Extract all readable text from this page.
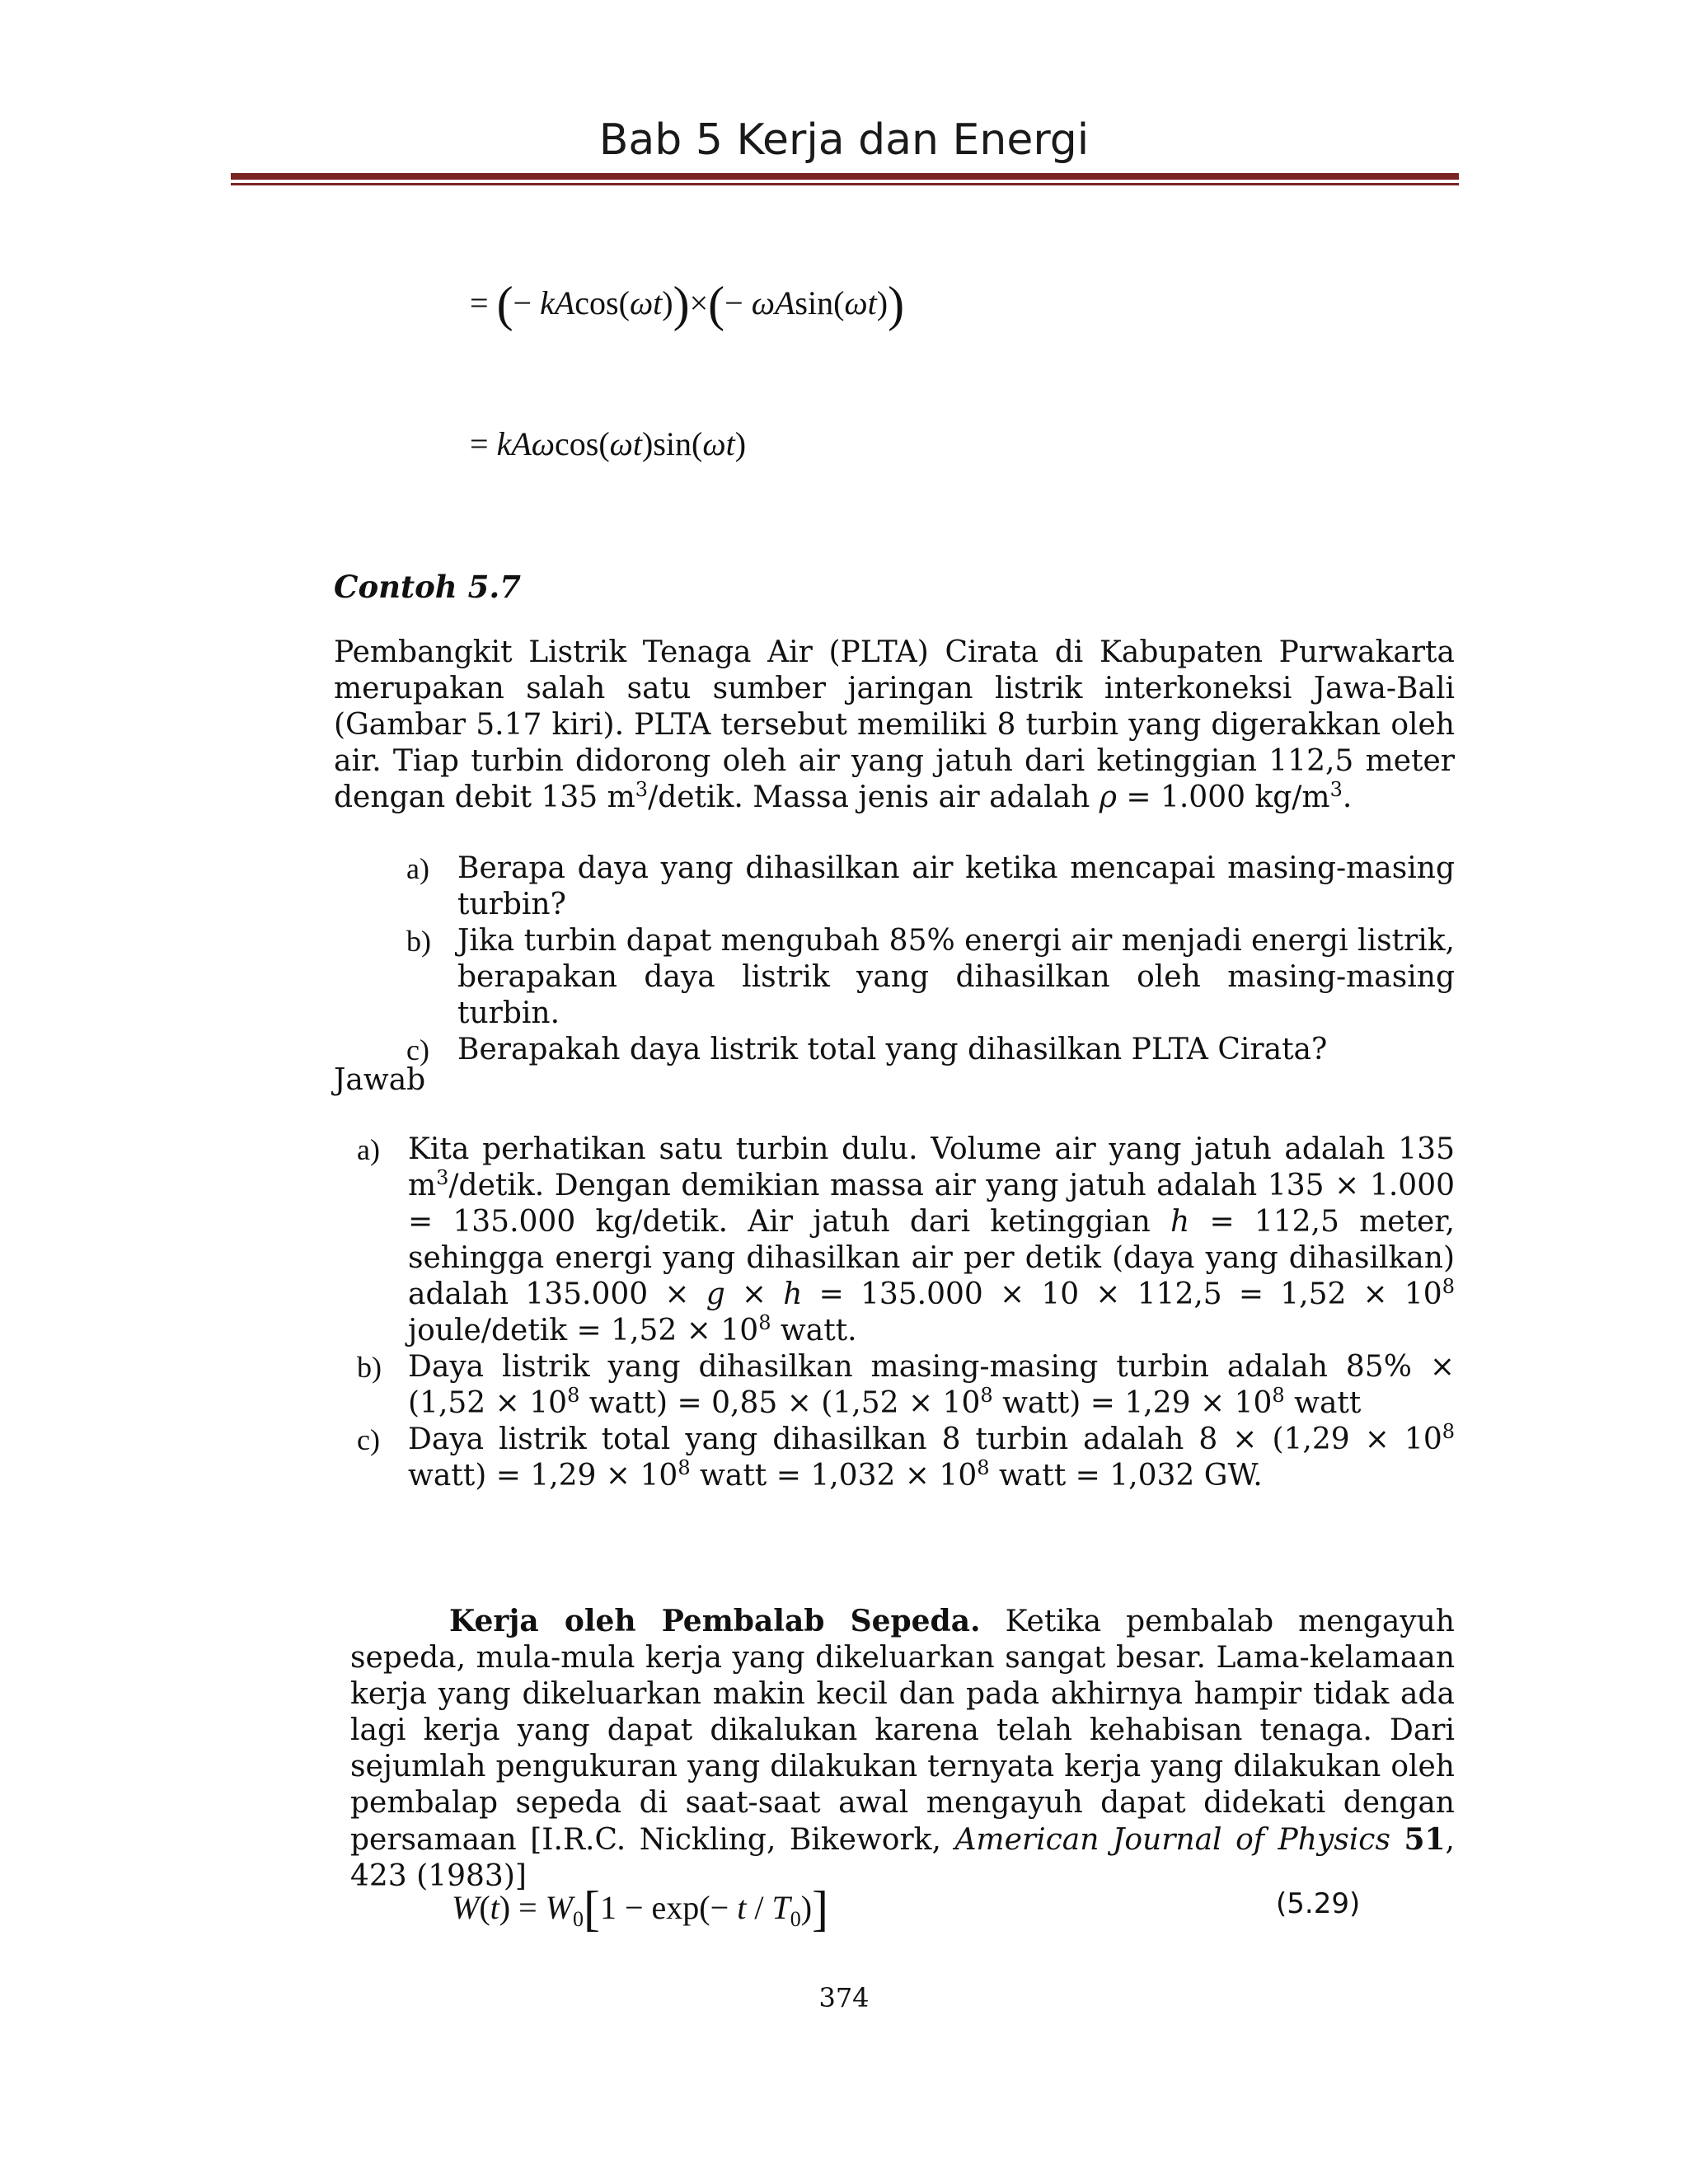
Bab 5 Kerja dan Energi
= (− kAcos(ωt))×(− ωAsin(ωt))
= kAωcos(ωt)sin(ωt)
Contoh 5.7
Pembangkit Listrik Tenaga Air (PLTA) Cirata di Kabupaten Purwakarta merupakan salah satu sumber jaringan listrik interkoneksi Jawa-Bali (Gambar 5.17 kiri). PLTA tersebut memiliki 8 turbin yang digerakkan oleh air. Tiap turbin didorong oleh air yang jatuh dari ketinggian 112,5 meter dengan debit 135 $m^3$/detik. Massa jenis air adalah ρ = 1.000 $kg/m^3$.
a) Berapa daya yang dihasilkan air ketika mencapai masing-masing turbin?
b) Jika turbin dapat mengubah 85% energi air menjadi energi listrik, berapakan daya listrik yang dihasilkan oleh masing-masing turbin.
c) Berapakah daya listrik total yang dihasilkan PLTA Cirata?
Jawab
a) Kita perhatikan satu turbin dulu. Volume air yang jatuh adalah 135 $m^3$/detik. Dengan demikian massa air yang jatuh adalah 135 × 1.000 = 135.000 kg/detik. Air jatuh dari ketinggian h = 112,5 meter, sehingga energi yang dihasilkan air per detik (daya yang dihasilkan) adalah $135.000 \times g \times h = 135.000 \times 10 \times 112,5 = 1,52 \times 10^8$ joule/detik = $1,52 \times 10^8$ watt.
b) Daya listrik yang dihasilkan masing-masing turbin adalah $85\% \times (1,52 \times 10^8$ watt) = $0,85 \times (1,52 \times 10^8$ watt) = $1,29 \times 10^8$ watt
c) Daya listrik total yang dihasilkan 8 turbin adalah $8 \times (1,29 \times 10^8$ watt) = $1,29 \times 10^8$ watt = $1,032 \times 10^8$ watt = 1,032 GW.
Kerja oleh Pembalab Sepeda. Ketika pembalab mengayuh sepeda, mula-mula kerja yang dikeluarkan sangat besar. Lama-kelamaan kerja yang dikeluarkan makin kecil dan pada akhirnya hampir tidak ada lagi kerja yang dapat dikalukan karena telah kehabisan tenaga. Dari sejumlah pengukuran yang dilakukan ternyata kerja yang dilakukan oleh pembalap sepeda di saat-saat awal mengayuh dapat didekati dengan persamaan [I.R.C. Nickling, Bikework, American Journal of Physics 51, 423 (1983)]
$W(t) = W_0[1 - \exp(- t / T_0)]$	(5.29)
374
